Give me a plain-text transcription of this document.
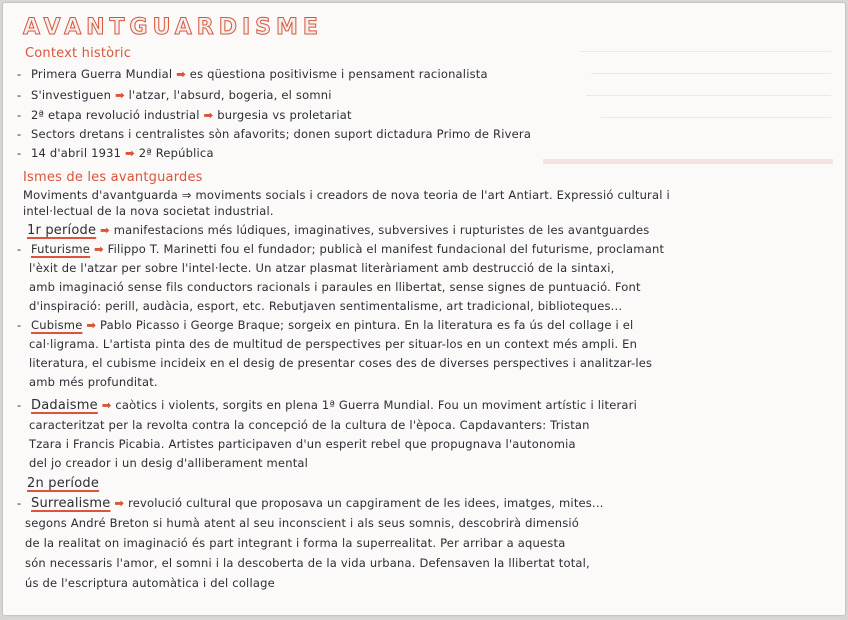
AVANTGUARDISME
Context històric
- Primera Guerra Mundial ➡ es qüestiona positivisme i pensament racionalista
- S'investiguen ➡ l'atzar, l'absurd, bogeria, el somni
- 2ª etapa revolució industrial ➡ burgesia vs proletariat
- Sectors dretans i centralistes sòn afavorits; donen suport dictadura Primo de Rivera
- 14 d'abril 1931 ➡ 2ª República
Ismes de les avantguardes
Moviments d'avantguarda ⇒ moviments socials i creadors de nova teoria de l'art Antiart. Expressió cultural i
intel·lectual de la nova societat industrial.
1r període ➡ manifestacions més lúdiques, imaginatives, subversives i rupturistes de les avantguardes
- Futurisme ➡ Filippo T. Marinetti fou el fundador; publicà el manifest fundacional del futurisme, proclamant
l'èxit de l'atzar per sobre l'intel·lecte. Un atzar plasmat literàriament amb destrucció de la sintaxi,
amb imaginació sense fils conductors racionals i paraules en llibertat, sense signes de puntuació. Font
d'inspiració: perill, audàcia, esport, etc. Rebutjaven sentimentalisme, art tradicional, biblioteques...
- Cubisme ➡ Pablo Picasso i George Braque; sorgeix en pintura. En la literatura es fa ús del collage i el
cal·ligrama. L'artista pinta des de multitud de perspectives per situar-los en un context més ampli. En
literatura, el cubisme incideix en el desig de presentar coses des de diverses perspectives i analitzar-les
amb més profunditat.
- Dadaisme ➡ caòtics i violents, sorgits en plena 1ª Guerra Mundial. Fou un moviment artístic i literari
caracteritzat per la revolta contra la concepció de la cultura de l'època. Capdavanters: Tristan
Tzara i Francis Picabia. Artistes participaven d'un esperit rebel que propugnava l'autonomia
del jo creador i un desig d'alliberament mental
2n període
- Surrealisme ➡ revolució cultural que proposava un capgirament de les idees, imatges, mites...
segons André Breton si humà atent al seu inconscient i als seus somnis, descobrirà dimensió
de la realitat on imaginació és part integrant i forma la superrealitat. Per arribar a aquesta
són necessaris l'amor, el somni i la descoberta de la vida urbana. Defensaven la llibertat total,
ús de l'escriptura automàtica i del collage
